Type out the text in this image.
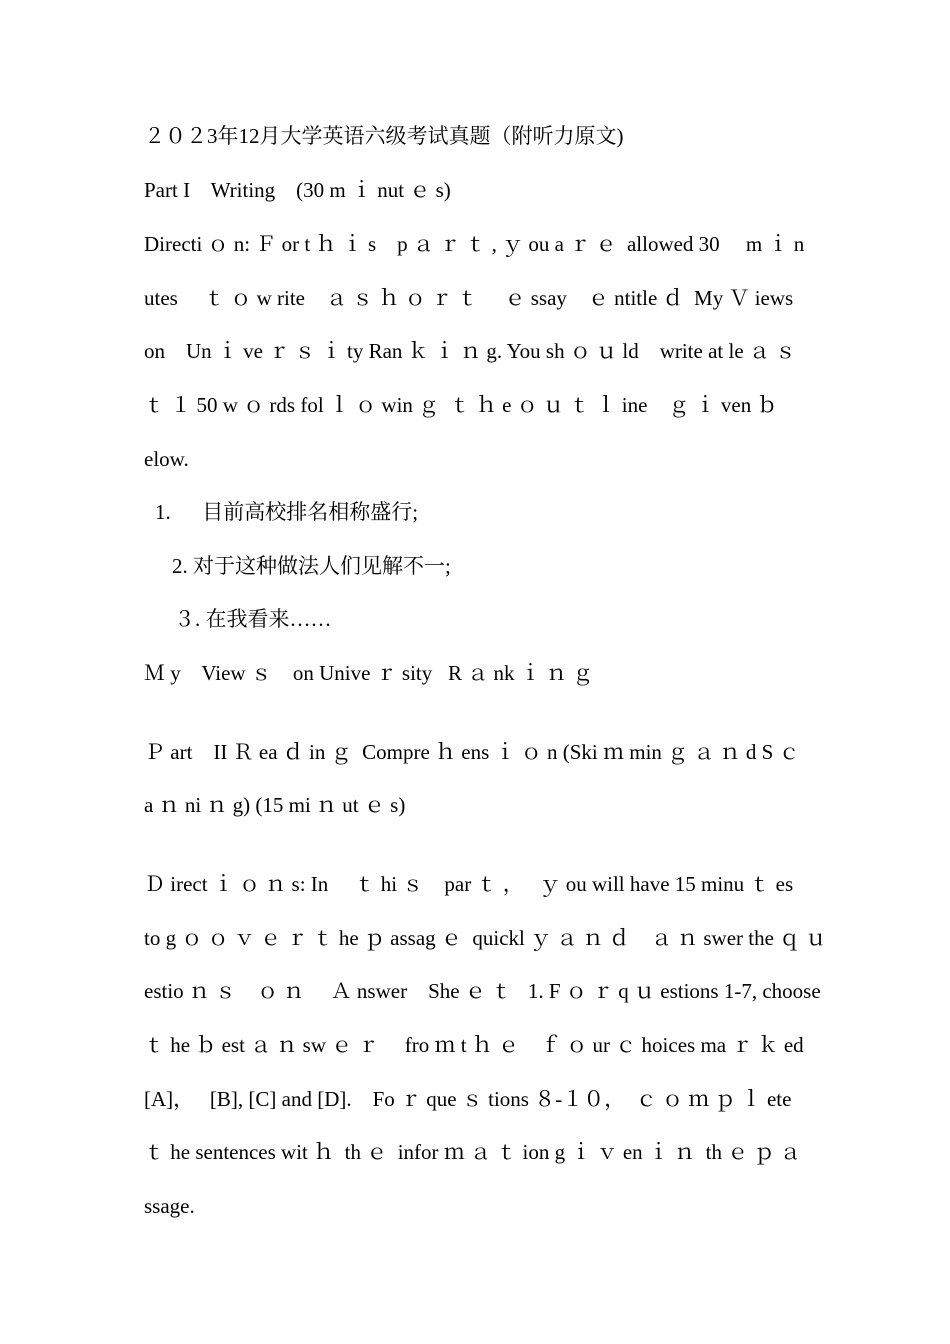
２０２3年12月大学英语六级考试真题（附听力原文)
Part I    Writing    (30 m ｉ nut ｅ s)
Directi ｏ n: Ｆ or t ｈ ｉ s    p ａ ｒ ｔ , ｙ ou a ｒ ｅ  allowed 30     m ｉ n
utes     ｔ ｏ w rite    ａ ｓ ｈ ｏ ｒ ｔ     ｅ ssay    ｅ ntitle ｄ  My Ｖ iews
on    Un ｉ ve ｒ ｓ ｉ ty Ran ｋ ｉ ｎ g. You sh ｏ ｕ ld    write at le ａ ｓ
ｔ １ 50 w ｏ rds fol ｌ ｏ win ｇ  ｔ ｈ e ｏ ｕ ｔ ｌ ine    ｇ ｉ ven ｂ
elow.
1.      目前高校排名相称盛行;
2. 对于这种做法人们见解不一;
３. 在我看来……
Ｍ y    View ｓ    on Unive ｒ sity   R ａ nk ｉ ｎ ｇ
Ｐ art    II Ｒ ea ｄ in ｇ  Compre ｈ ens ｉ ｏ n (Ski ｍ min ｇ ａ ｎ d S ｃ
a ｎ ni ｎ g) (15 mi ｎ ut ｅ s)
Ｄ irect ｉ ｏ ｎ s: In     ｔ hi ｓ    par ｔ ，   ｙ ou will have 15 minu ｔ es
to g ｏ ｏ ｖ ｅ ｒ ｔ he ｐ assag ｅ  quickl ｙ ａ ｎ ｄ    ａ ｎ swer the ｑ ｕ
estio ｎ ｓ    ｏ ｎ     Ａ nswer    She ｅ ｔ   1. F ｏ ｒ q ｕ estions 1-7, choose
ｔ he ｂ est ａ ｎ sw ｅ ｒ     fro ｍ t ｈ ｅ    ｆ ｏ ur ｃ hoices ma ｒ ｋ ed
[A]，   [B], [C] and [D].    Fo ｒ que ｓ tions ８-１０，  ｃ ｏ ｍ ｐ ｌ ete
ｔ he sentences wit ｈ  th ｅ  infor ｍ ａ ｔ ion g ｉ ｖ en ｉ ｎ  th ｅ ｐ ａ
ssage.
